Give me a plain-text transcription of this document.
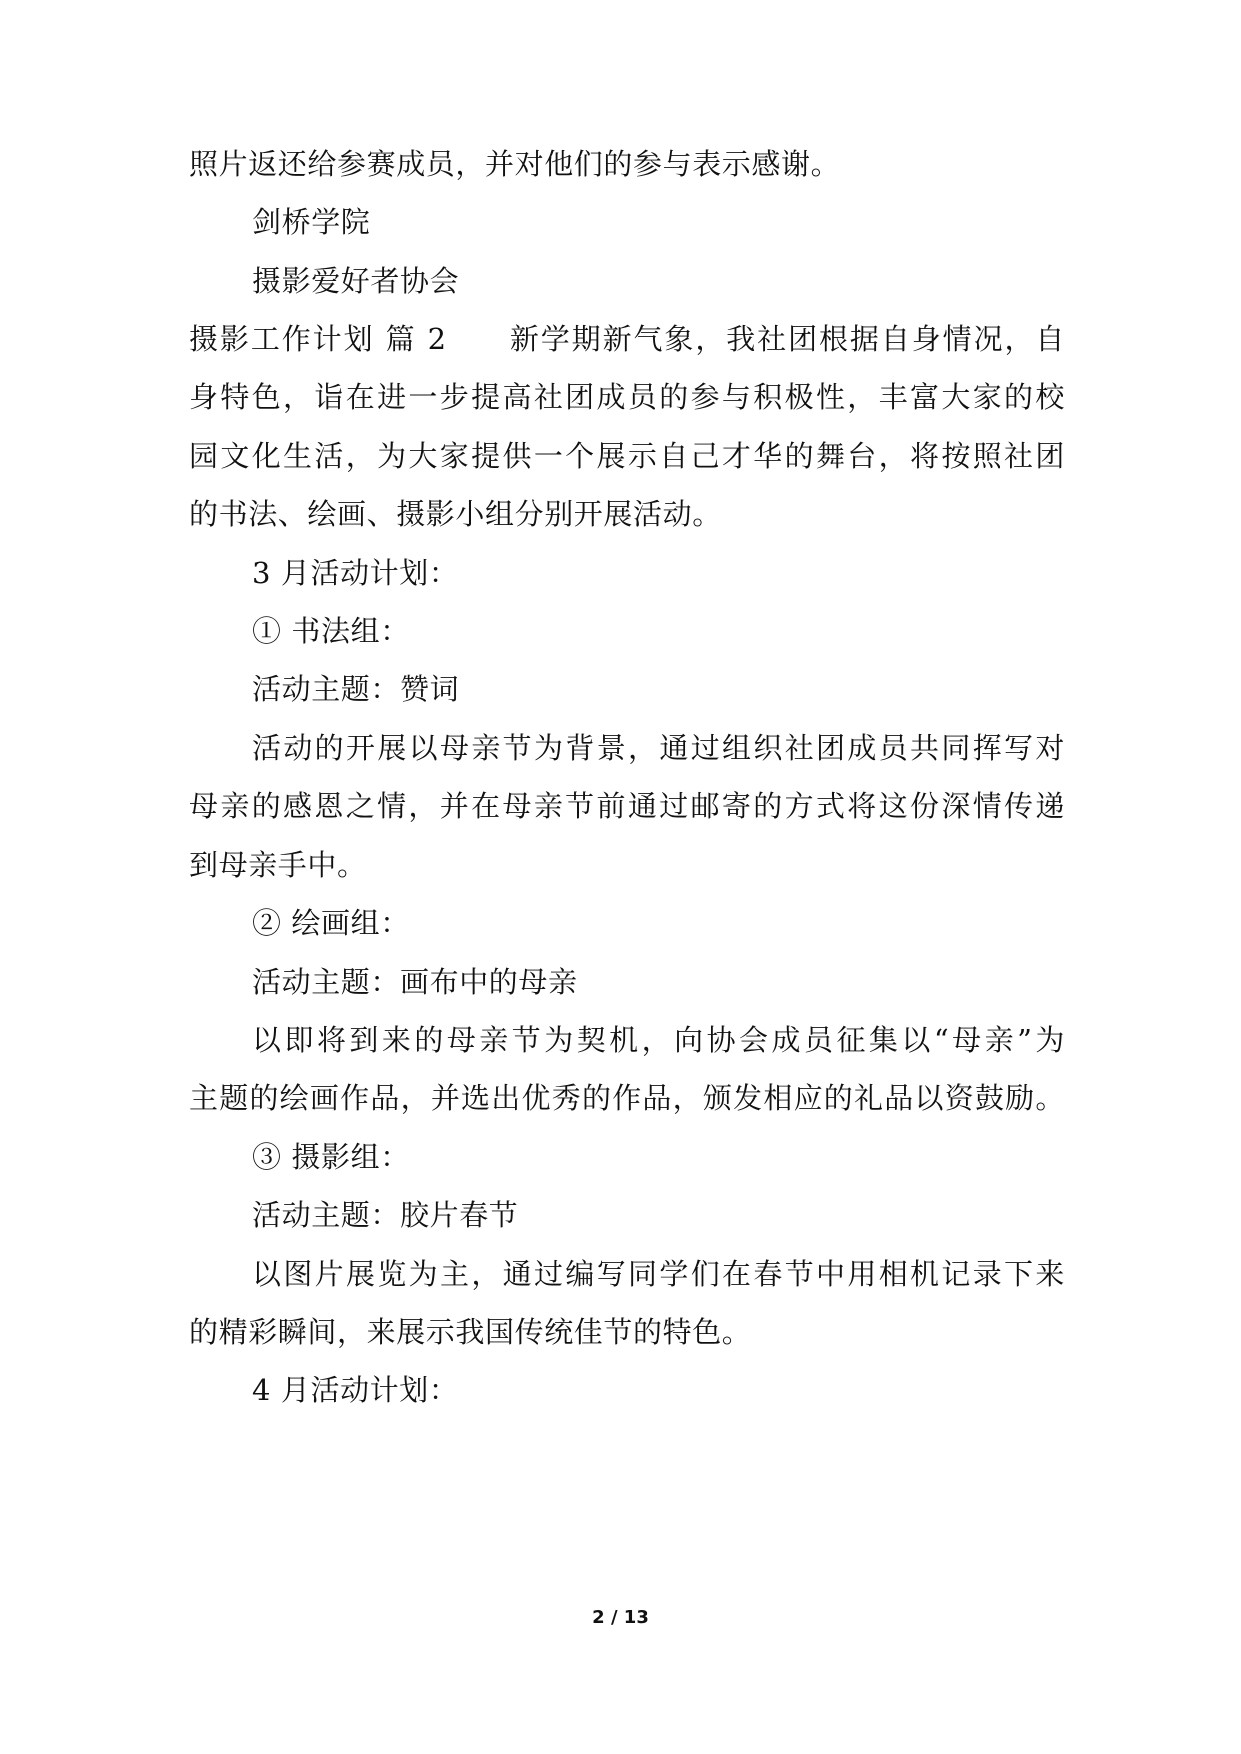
照片返还给参赛成员，并对他们的参与表示感谢。
剑桥学院
摄影爱好者协会
摄影工作计划 篇 2　　新学期新气象，我社团根据自身情况，自
身特色，诣在进一步提高社团成员的参与积极性，丰富大家的校
园文化生活，为大家提供一个展示自己才华的舞台，将按照社团
的书法、绘画、摄影小组分别开展活动。
3 月活动计划：
① 书法组：
活动主题：赞词
活动的开展以母亲节为背景，通过组织社团成员共同挥写对
母亲的感恩之情，并在母亲节前通过邮寄的方式将这份深情传递
到母亲手中。
② 绘画组：
活动主题：画布中的母亲
以即将到来的母亲节为契机，向协会成员征集以“母亲”为
主题的绘画作品，并选出优秀的作品，颁发相应的礼品以资鼓励。
③ 摄影组：
活动主题：胶片春节
以图片展览为主，通过编写同学们在春节中用相机记录下来
的精彩瞬间，来展示我国传统佳节的特色。
4 月活动计划：
2 / 13
